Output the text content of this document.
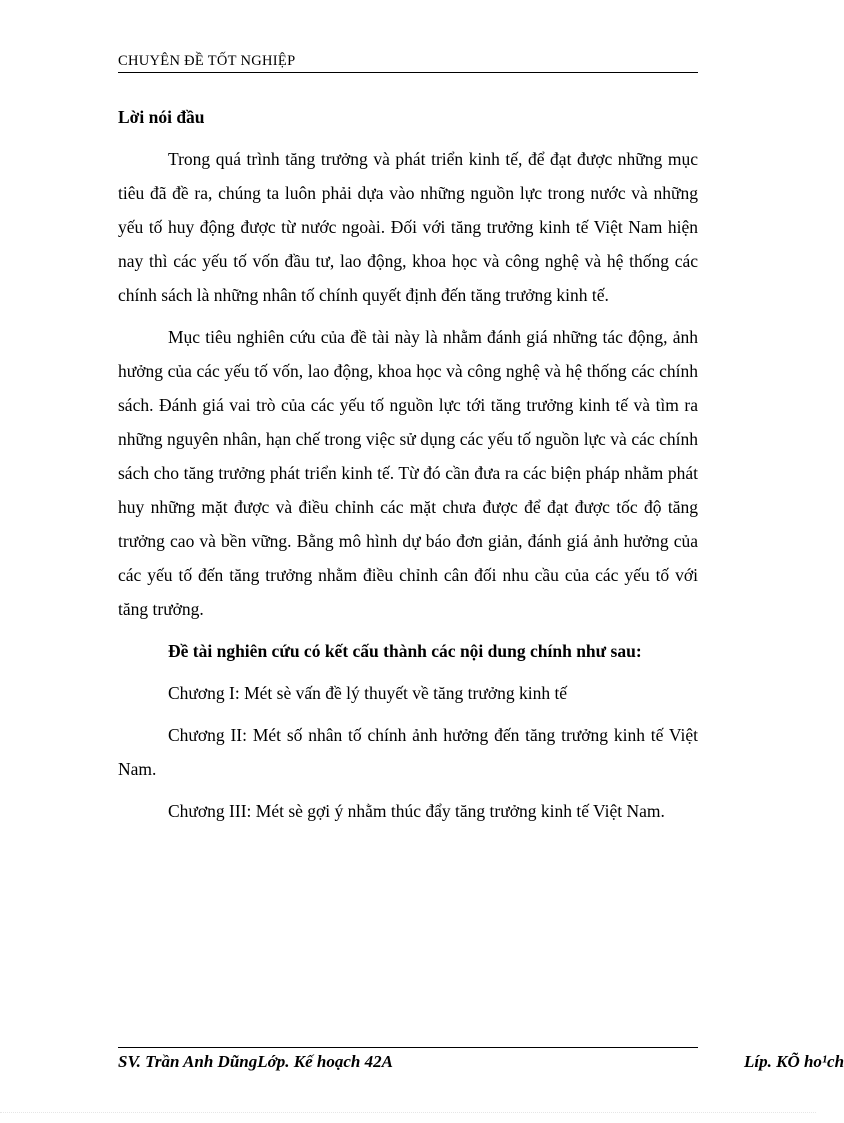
CHUYÊN ĐỀ TỐT NGHIỆP
Lời nói đầu

Trong quá trình tăng trưởng và phát triển kinh tế, để đạt được những mục tiêu đã đề ra, chúng ta luôn phải dựa vào những nguồn lực trong nước và những yếu tố huy động được từ nước ngoài. Đối với tăng trưởng kinh tế Việt Nam hiện nay thì các yếu tố vốn đầu tư, lao động, khoa học và công nghệ và hệ thống các chính sách là những nhân tố chính quyết định đến tăng trưởng kinh tế.

Mục tiêu nghiên cứu của đề tài này là nhằm đánh giá những tác động, ảnh hưởng của các yếu tố vốn, lao động, khoa học và công nghệ và hệ thống các chính sách. Đánh giá vai trò của các yếu tố nguồn lực tới tăng trưởng kinh tế và tìm ra những nguyên nhân, hạn chế trong việc sử dụng các yếu tố nguồn lực và các chính sách cho tăng trưởng phát triển kinh tế. Từ đó cần đưa ra các biện pháp nhằm phát huy những mặt được và điều chỉnh các mặt chưa được để đạt được tốc độ tăng trưởng cao và bền vững. Bằng mô hình dự báo đơn giản, đánh giá ảnh hưởng của các yếu tố đến tăng trưởng nhằm điều chỉnh cân đối nhu cầu của các yếu tố với tăng trưởng.

Đề tài nghiên cứu có kết cấu thành các nội dung chính như sau:

Chương I: Mét sè vấn đề lý thuyết về tăng trưởng kinh tế

Chương II: Mét số nhân tố chính ảnh hưởng đến tăng trưởng kinh tế Việt Nam.

Chương III: Mét sè gợi ý nhằm thúc đẩy tăng trưởng kinh tế Việt Nam.

SV. Trần Anh DũngLớp. Kế hoạch 42A	Líp. KÕ ho¹ch
